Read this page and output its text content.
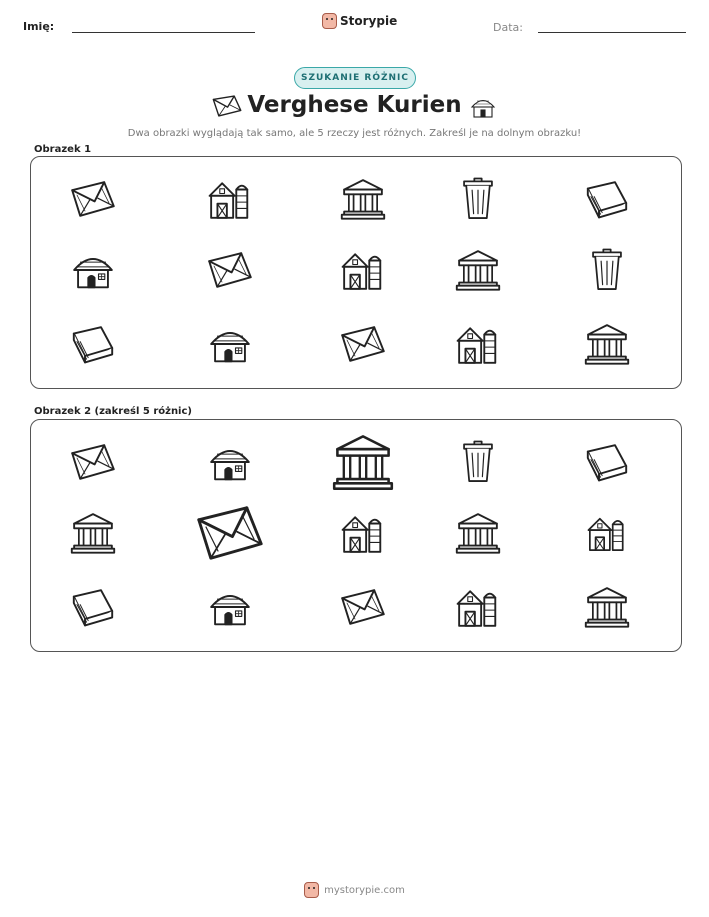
Imię:	Storypie	Data:
SZUKANIE RÓŻNIC
Verghese Kurien
Dwa obrazki wyglądają tak samo, ale 5 rzeczy jest różnych. Zakreśl je na dolnym obrazku!
Obrazek 1
Obrazek 2 (zakreśl 5 różnic)
mystorypie.com
